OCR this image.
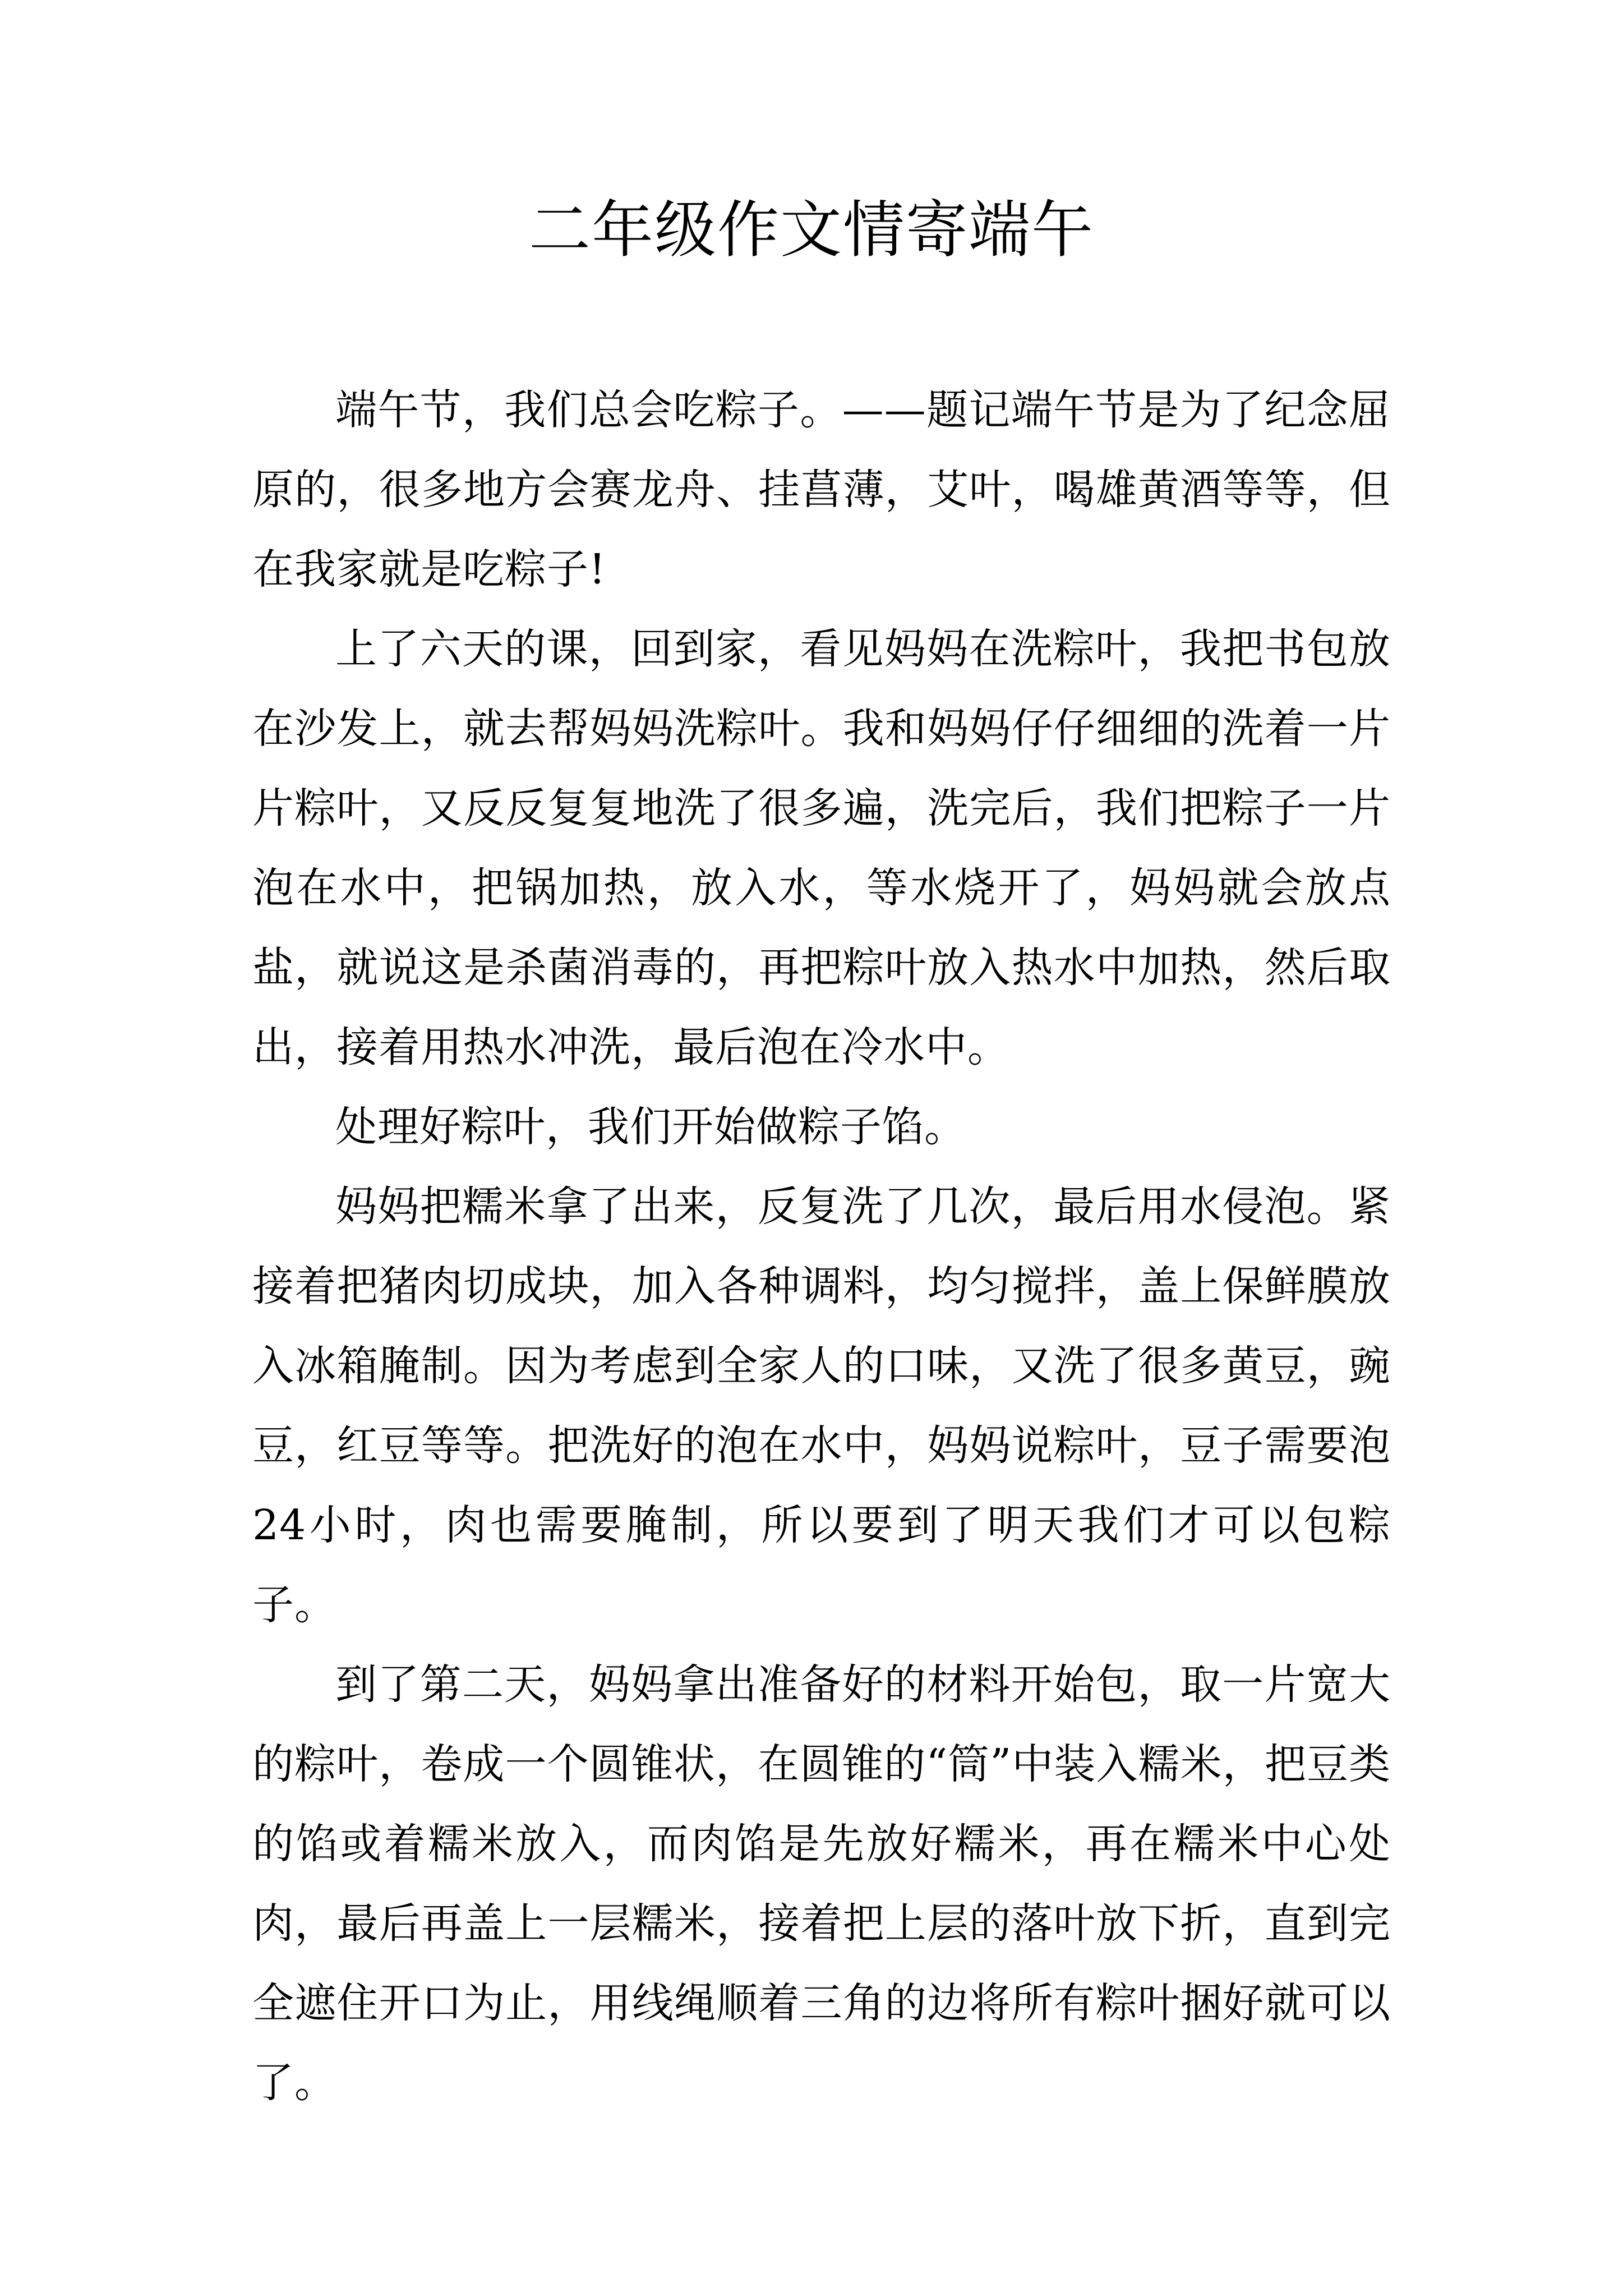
二年级作文情寄端午

端午节，我们总会吃粽子。——题记端午节是为了纪念屈原的，很多地方会赛龙舟、挂菖薄，艾叶，喝雄黄酒等等，但在我家就是吃粽子!

上了六天的课，回到家，看见妈妈在洗粽叶，我把书包放在沙发上，就去帮妈妈洗粽叶。我和妈妈仔仔细细的洗着一片片粽叶，又反反复复地洗了很多遍，洗完后，我们把粽子一片泡在水中，把锅加热，放入水，等水烧开了，妈妈就会放点盐，就说这是杀菌消毒的，再把粽叶放入热水中加热，然后取出，接着用热水冲洗，最后泡在冷水中。

处理好粽叶，我们开始做粽子馅。

妈妈把糯米拿了出来，反复洗了几次，最后用水侵泡。紧接着把猪肉切成块，加入各种调料，均匀搅拌，盖上保鲜膜放入冰箱腌制。因为考虑到全家人的口味，又洗了很多黄豆，豌豆，红豆等等。把洗好的泡在水中，妈妈说粽叶，豆子需要泡24小时，肉也需要腌制，所以要到了明天我们才可以包粽子。

到了第二天，妈妈拿出准备好的材料开始包，取一片宽大的粽叶，卷成一个圆锥状，在圆锥的“筒”中装入糯米，把豆类的馅或着糯米放入，而肉馅是先放好糯米，再在糯米中心处肉，最后再盖上一层糯米，接着把上层的落叶放下折，直到完全遮住开口为止，用线绳顺着三角的边将所有粽叶捆好就可以了。
